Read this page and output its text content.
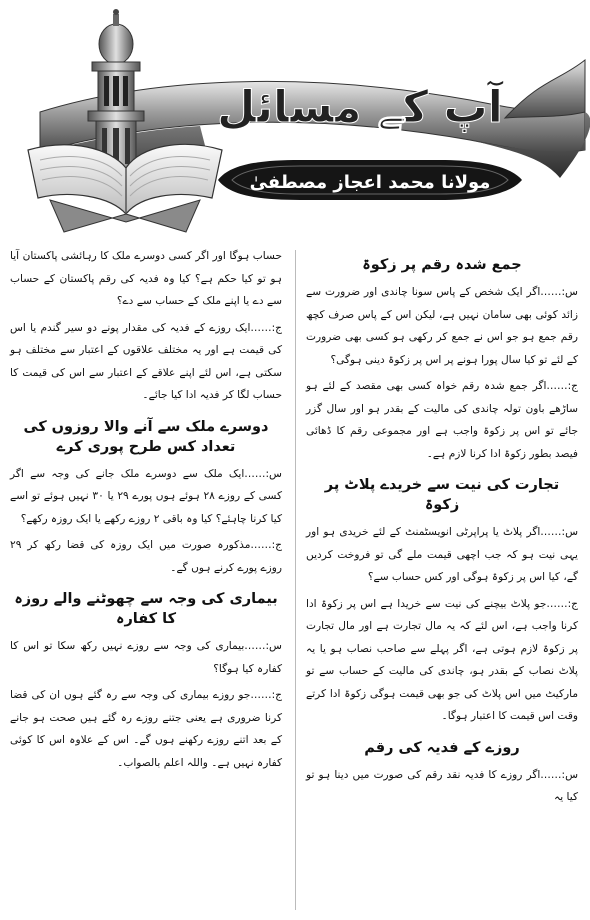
آپ کے مسائل
مولانا محمد اعجاز مصطفیٰ
جمع شدہ رقم پر زکوۃ
س:……اگر ایک شخص کے پاس سونا چاندی اور ضرورت سے زائد کوئی بھی سامان نہیں ہے، لیکن اس کے پاس صرف کچھ رقم جمع ہو جو اس نے جمع کر رکھی ہو کسی بھی ضرورت کے لئے تو کیا سال پورا ہونے پر اس پر زکوۃ دینی ہوگی؟
ج:……اگر جمع شدہ رقم خواہ کسی بھی مقصد کے لئے ہو ساڑھے باون تولہ چاندی کی مالیت کے بقدر ہو اور سال گزر جائے تو اس پر زکوۃ واجب ہے اور مجموعی رقم کا ڈھائی فیصد بطور زکوۃ ادا کرنا لازم ہے۔
تجارت کی نیت سے خریدے پلاٹ پر زکوۃ
س:……اگر پلاٹ یا پراپرٹی انویسٹمنٹ کے لئے خریدی ہو اور یہی نیت ہو کہ جب اچھی قیمت ملے گی تو فروخت کردیں گے، کیا اس پر زکوۃ ہوگی اور کس حساب سے؟
ج:……جو پلاٹ بیچنے کی نیت سے خریدا ہے اس پر زکوۃ ادا کرنا واجب ہے، اس لئے کہ یہ مال تجارت ہے اور مال تجارت پر زکوۃ لازم ہوتی ہے، اگر پہلے سے صاحب نصاب ہو یا یہ پلاٹ نصاب کے بقدر ہو، چاندی کی مالیت کے حساب سے تو مارکیٹ میں اس پلاٹ کی جو بھی قیمت ہوگی زکوۃ ادا کرتے وقت اس قیمت کا اعتبار ہوگا۔
روزے کے فدیہ کی رقم
س:……اگر روزے کا فدیہ نقد رقم کی صورت میں دینا ہو تو کیا یہ
حساب ہوگا اور اگر کسی دوسرے ملک کا رہائشی پاکستان آیا ہو تو کیا حکم ہے؟ کیا وہ فدیہ کی رقم پاکستان کے حساب سے دے یا اپنے ملک کے حساب سے دے؟
ج:……ایک روزے کے فدیہ کی مقدار پونے دو سیر گندم یا اس کی قیمت ہے اور یہ مختلف علاقوں کے اعتبار سے مختلف ہو سکتی ہے، اس لئے اپنے علاقے کے اعتبار سے اس کی قیمت کا حساب لگا کر فدیہ ادا کیا جائے۔
دوسرے ملک سے آنے والا روزوں کی تعداد کس طرح پوری کرے
س:……ایک ملک سے دوسرے ملک جانے کی وجہ سے اگر کسی کے روزے ۲۸ ہوئے ہوں پورے ۲۹ یا ۳۰ نہیں ہوئے تو اسے کیا کرنا چاہئے؟ کیا وہ باقی ۲ روزے رکھے یا ایک روزہ رکھے؟
ج:……مذکورہ صورت میں ایک روزہ کی قضا رکھ کر ۲۹ روزے پورے کرنے ہوں گے۔
بیماری کی وجہ سے چھوٹنے والے روزہ کا کفارہ
س:……بیماری کی وجہ سے روزے نہیں رکھ سکا تو اس کا کفارہ کیا ہوگا؟
ج:……جو روزے بیماری کی وجہ سے رہ گئے ہوں ان کی قضا کرنا ضروری ہے یعنی جتنے روزے رہ گئے ہیں صحت ہو جانے کے بعد اتنے روزے رکھنے ہوں گے۔ اس کے علاوہ اس کا کوئی کفارہ نہیں ہے۔ واللہ اعلم بالصواب۔
